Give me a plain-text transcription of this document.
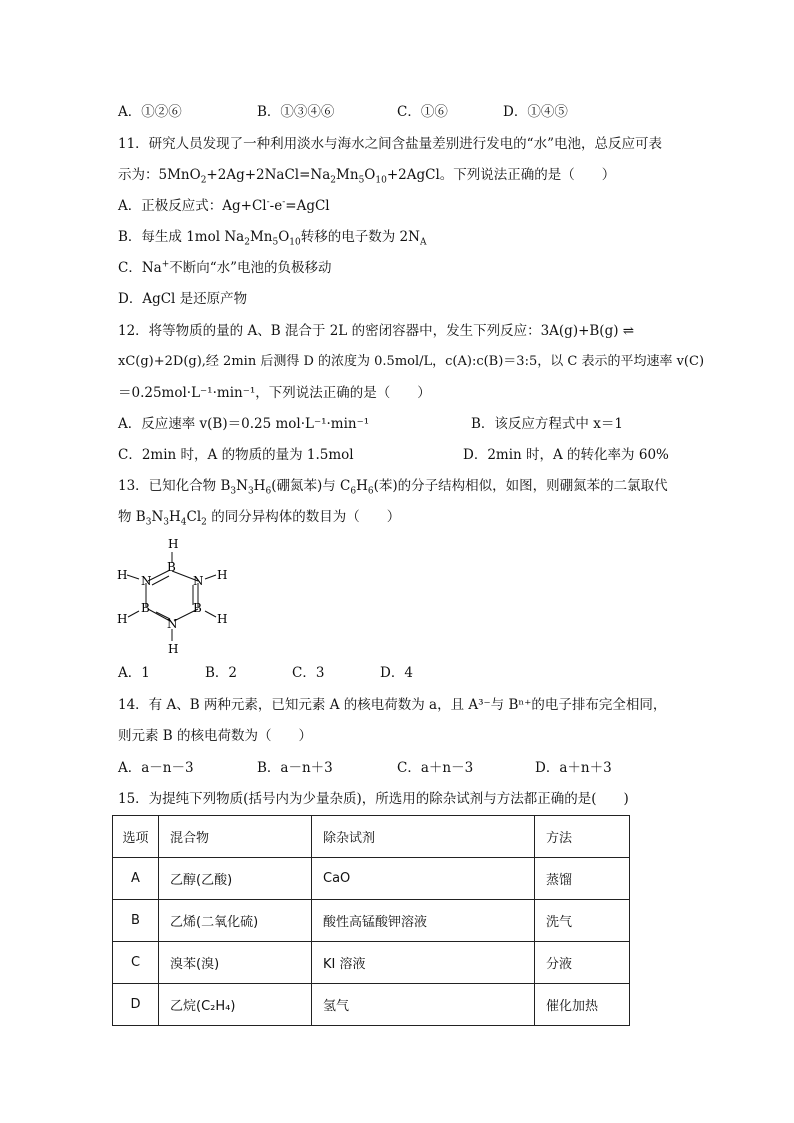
A．①②⑥	B．①③④⑥	C．①⑥	D．①④⑤
11．研究人员发现了一种利用淡水与海水之间含盐量差别进行发电的“水”电池，总反应可表
示为：$5MnO_2+2Ag+2NaCl=Na_2Mn_5O_{10}+2AgCl$。下列说法正确的是（　　）
A．正极反应式：Ag+Cl--e-=AgCl
B．每生成 1mol $Na_2Mn_5O_{10}$转移的电子数为 $2N_A$
C．Na+不断向“水”电池的负极移动
D．AgCl 是还原产物
12．将等物质的量的 A、B 混合于 2L 的密闭容器中，发生下列反应：3A(g)+B(g) ⇌
xC(g)+2D(g),经 2min 后测得 D 的浓度为 0.5mol/L，c(A):c(B)＝3:5，以 C 表示的平均速率 v(C)
＝0.25mol·L⁻¹·min⁻¹，下列说法正确的是（　　）
A．反应速率 v(B)＝0.25 mol·L⁻¹·min⁻¹	B．该反应方程式中 x＝1
C．2min 时，A 的物质的量为 1.5mol	D．2min 时，A 的转化率为 60%
13．已知化合物 $B_3N_3H_6$(硼氮苯)与 $C_6H_6$(苯)的分子结构相似，如图，则硼氮苯的二氯取代
物 $B_3N_3H_4Cl_2$ 的同分异构体的数目为（　　）
H
B
H N	N H
B	B
H	H
N
H
A．1	B．2	C．3	D．4
14．有 A、B 两种元素，已知元素 A 的核电荷数为 a，且 A³⁻与 Bⁿ⁺的电子排布完全相同，
则元素 B 的核电荷数为（　　）
A．a－n－3	B．a－n＋3	C．a＋n－3	D．a＋n＋3
15．为提纯下列物质(括号内为少量杂质)，所选用的除杂试剂与方法都正确的是(　　)
选项	混合物	除杂试剂	方法
A	乙醇(乙酸)	CaO	蒸馏
B	乙烯(二氧化硫)	酸性高锰酸钾溶液	洗气
C	溴苯(溴)	KI 溶液	分液
D	乙烷(C₂H₄)	氢气	催化加热
